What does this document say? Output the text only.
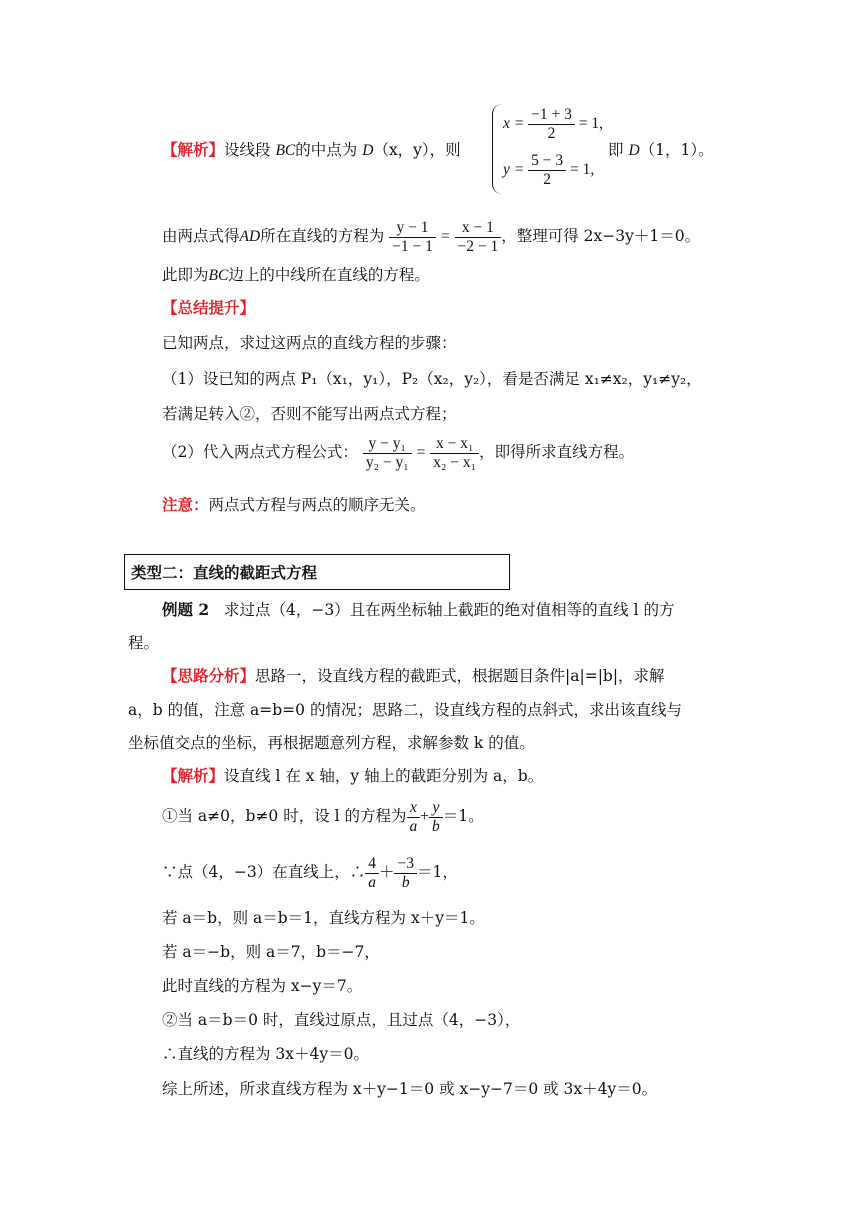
【解析】设线段 BC的中点为 D（x，y），则
$x = \frac{-1 + 3}{2} = 1$,
$y = \frac{5 - 3}{2} = 1$,
即 D（1，1）。
由两点式得AD所在直线的方程为 $\frac{y - 1}{-1 - 1} = \frac{x - 1}{-2 - 1}$ ，整理可得 2x−3y＋1＝0。
此即为BC边上的中线所在直线的方程。
【总结提升】
已知两点，求过这两点的直线方程的步骤：
（1）设已知的两点 P₁（x₁，y₁），P₂（x₂，y₂），看是否满足 x₁≠x₂，y₁≠y₂，
若满足转入②，否则不能写出两点式方程；
（2）代入两点式方程公式： $\frac{\text{y − y₁}}{\text{y₂ − y₁}} = \frac{\text{x − x₁}}{\text{x₂ − x₁}}$ ，即得所求直线方程。
注意：两点式方程与两点的顺序无关。
类型二：直线的截距式方程
例题 2 求过点（4，−3）且在两坐标轴上截距的绝对值相等的直线 l 的方
程。
【思路分析】思路一，设直线方程的截距式，根据题目条件|a|=|b|，求解
a，b 的值，注意 a=b=0 的情况；思路二，设直线方程的点斜式，求出该直线与
坐标值交点的坐标，再根据题意列方程，求解参数 k 的值。
【解析】设直线 l 在 x 轴，y 轴上的截距分别为 a，b。
①当 a≠0，b≠0 时，设 l 的方程为 $\frac{x}{a} + \frac{y}{b} =1$。
∵点（4，−3）在直线上，∴ $\frac{4}{a} + \frac{-3}{b} =1$，
若 a＝b，则 a＝b＝1，直线方程为 x＋y＝1。
若 a＝−b，则 a＝7，b＝−7，
此时直线的方程为 x−y＝7。
②当 a＝b＝0 时，直线过原点，且过点（4，−3），
∴直线的方程为 3x＋4y＝0。
综上所述，所求直线方程为 x＋y−1＝0 或 x−y−7＝0 或 3x＋4y＝0。
